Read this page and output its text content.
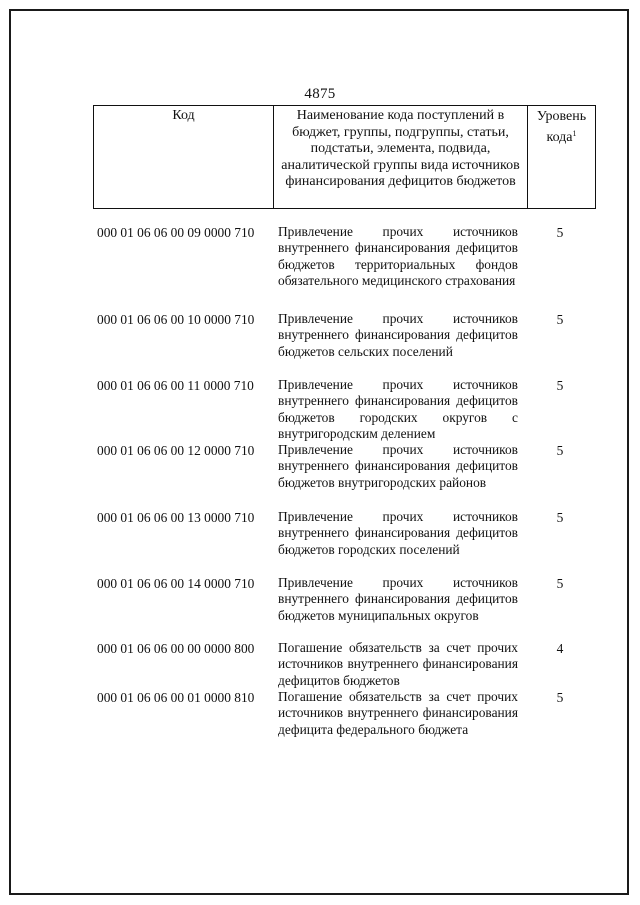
4875
Код	Наименование кода поступлений в бюджет, группы, подгруппы, статьи, подстатьи, элемента, подвида, аналитической группы вида источников финансирования дефицитов бюджетов
Уровень кода$^1$
000 01 06 06 00 09 0000 710 Привлечение прочих источников внутреннего финансирования дефицитов бюджетов территориальных фондов обязательного медицинского страхования
5
000 01 06 06 00 10 0000 710 Привлечение прочих источников внутреннего финансирования дефицитов бюджетов сельских поселений
5
000 01 06 06 00 11 0000 710 Привлечение прочих источников внутреннего финансирования дефицитов бюджетов городских округов с внутригородским делением
5
000 01 06 06 00 12 0000 710 Привлечение прочих источников внутреннего финансирования дефицитов бюджетов внутригородских районов
5
000 01 06 06 00 13 0000 710 Привлечение прочих источников внутреннего финансирования дефицитов бюджетов городских поселений
5
000 01 06 06 00 14 0000 710 Привлечение прочих источников внутреннего финансирования дефицитов бюджетов муниципальных округов
5
000 01 06 06 00 00 0000 800 Погашение обязательств за счет прочих источников внутреннего финансирования дефицитов бюджетов
4
000 01 06 06 00 01 0000 810 Погашение обязательств за счет прочих источников внутреннего финансирования дефицита федерального бюджета
5
